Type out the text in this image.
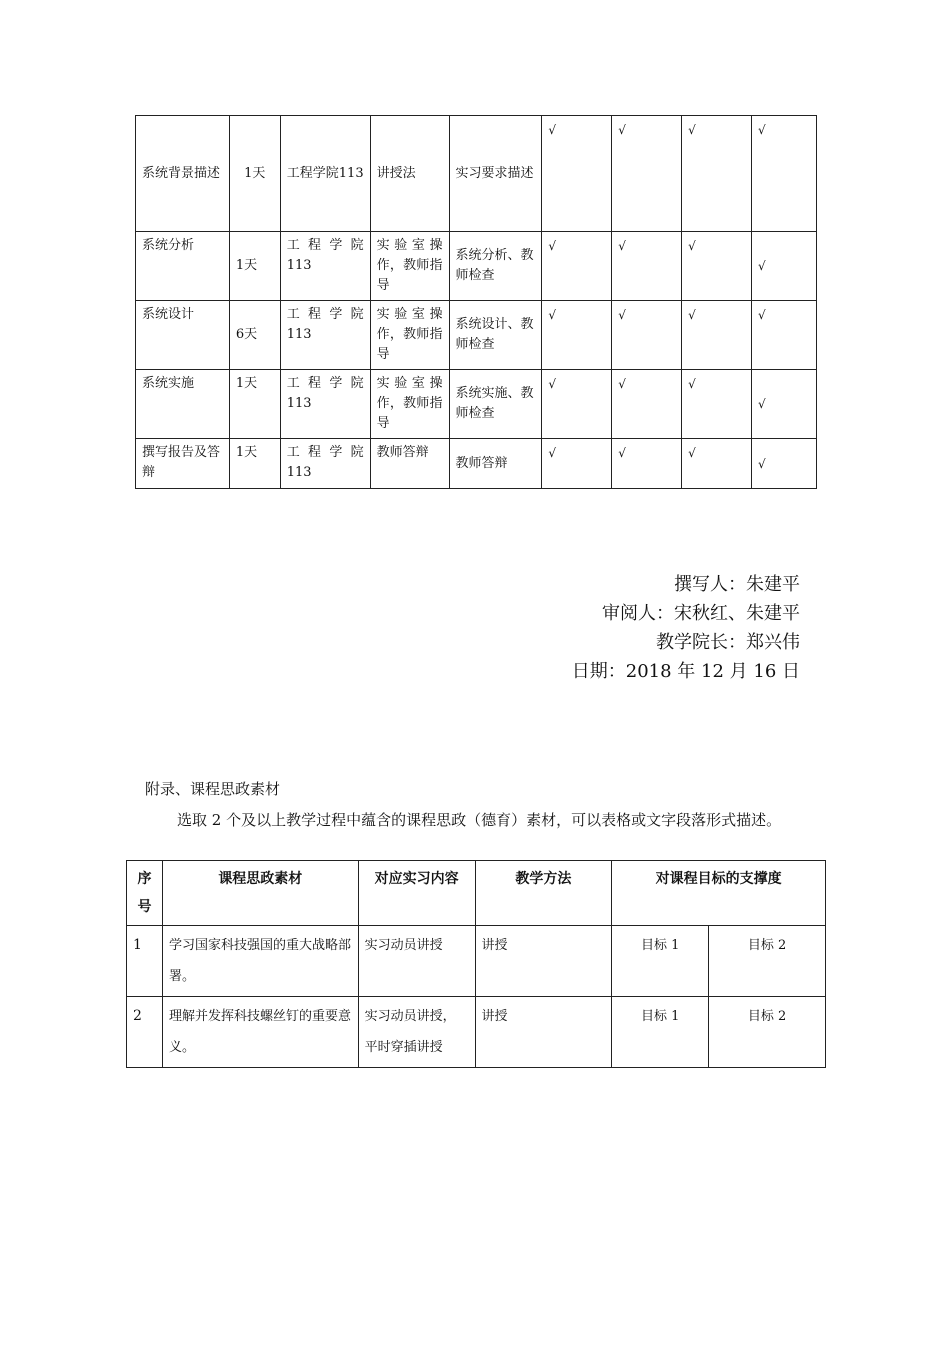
系统背景描述	1天	工程学院113	讲授法	实习要求描述	√	√	√	√
系统分析	1天	工 程 学 院 113	实验室操作，教师指导	系统分析、教师检查	√	√	√	√
系统设计	6天	工 程 学 院 113	实验室操作，教师指导	系统设计、教师检查	√	√	√	√
系统实施	1天	工 程 学 院 113	实验室操作，教师指导	系统实施、教师检查	√	√	√	√
撰写报告及答辩	1天	工 程 学 院 113	教师答辩	教师答辩	√	√	√	√
撰写人：朱建平
审阅人：宋秋红、朱建平
教学院长：郑兴伟
日期：2018 年 12 月 16 日
附录、课程思政素材
选取 2 个及以上教学过程中蕴含的课程思政（德育）素材，可以表格或文字段落形式描述。
序号	课程思政素材	对应实习内容	教学方法	对课程目标的支撑度	
1	学习国家科技强国的重大战略部署。	实习动员讲授	讲授	目标 1	目标 2
2	理解并发挥科技螺丝钉的重要意义。	实习动员讲授，平时穿插讲授	讲授	目标 1	目标 2
